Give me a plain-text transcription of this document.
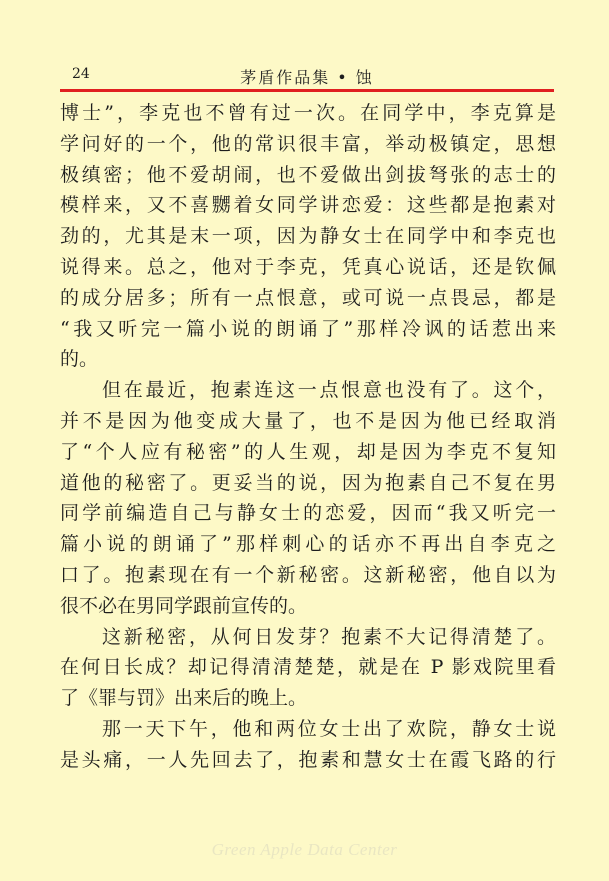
24	茅盾作品集 • 蚀
博士”，李克也不曾有过一次。在同学中，李克算是
学问好的一个，他的常识很丰富，举动极镇定，思想
极缜密；他不爱胡闹，也不爱做出剑拔弩张的志士的
模样来，又不喜嬲着女同学讲恋爱：这些都是抱素对
劲的，尤其是末一项，因为静女士在同学中和李克也
说得来。总之，他对于李克，凭真心说话，还是钦佩
的成分居多；所有一点恨意，或可说一点畏忌，都是
“我又听完一篇小说的朗诵了”那样冷讽的话惹出来
的。
但在最近，抱素连这一点恨意也没有了。这个，
并不是因为他变成大量了，也不是因为他已经取消
了“个人应有秘密”的人生观，却是因为李克不复知
道他的秘密了。更妥当的说，因为抱素自己不复在男
同学前编造自己与静女士的恋爱，因而“我又听完一
篇小说的朗诵了”那样刺心的话亦不再出自李克之
口了。抱素现在有一个新秘密。这新秘密，他自以为
很不必在男同学跟前宣传的。
这新秘密，从何日发芽？抱素不大记得清楚了。
在何日长成？却记得清清楚楚，就是在 P 影戏院里看
了《罪与罚》出来后的晚上。
那一天下午，他和两位女士出了欢院，静女士说
是头痛，一人先回去了，抱素和慧女士在霞飞路的行
Green Apple Data Center
